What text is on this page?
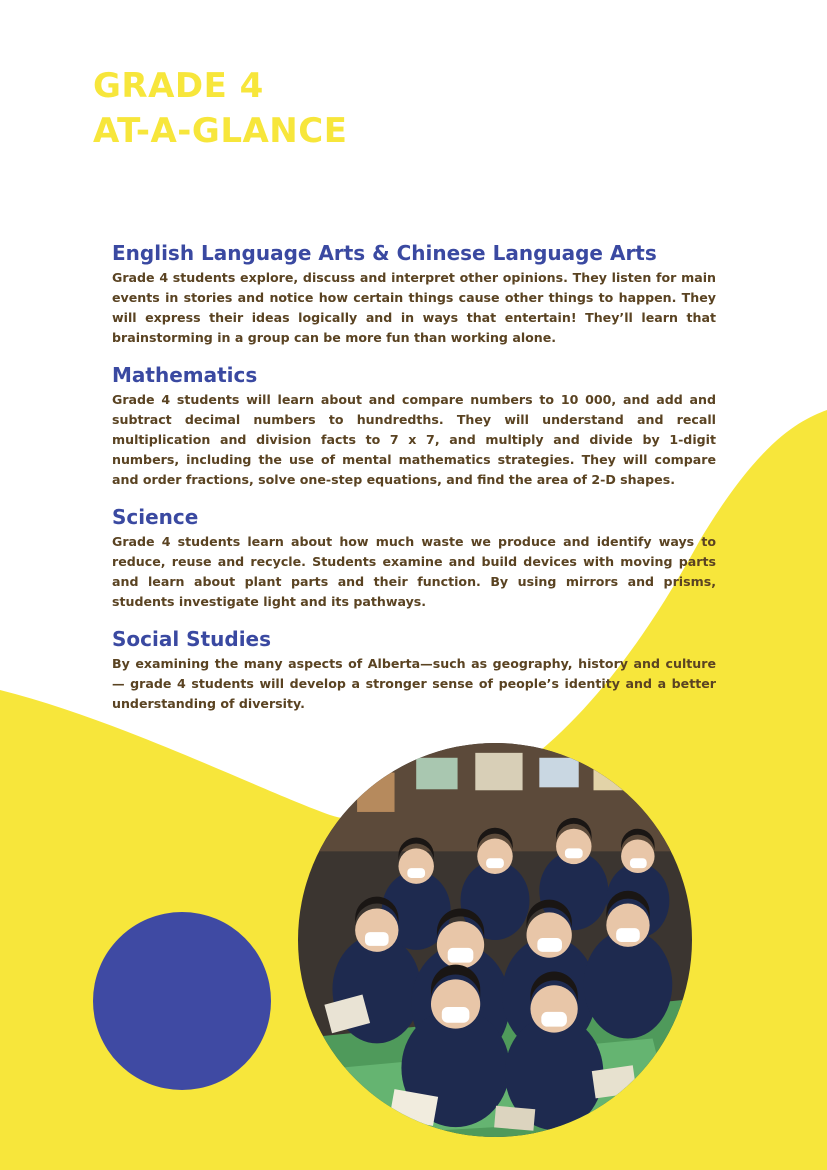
GRADE 4
AT-A-GLANCE
English Language Arts & Chinese Language Arts

Grade 4 students explore, discuss and interpret other opinions. They listen for main events in stories and notice how certain things cause other things to happen. They will express their ideas logically and in ways that entertain! They’ll learn that brainstorming in a group can be more fun than working alone.

Mathematics

Grade 4 students will learn about and compare numbers to 10 000, and add and subtract decimal numbers to hundredths. They will understand and recall multiplication and division facts to 7 x 7, and multiply and divide by 1-digit numbers, including the use of mental mathematics strategies. They will compare and order fractions, solve one-step equations, and find the area of 2-D shapes.

Science

Grade 4 students learn about how much waste we produce and identify ways to reduce, reuse and recycle. Students examine and build devices with moving parts and learn about plant parts and their function. By using mirrors and prisms, students investigate light and its pathways.

Social Studies

By examining the many aspects of Alberta—such as geography, history and culture— grade 4 students will develop a stronger sense of people’s identity and a better understanding of diversity.
